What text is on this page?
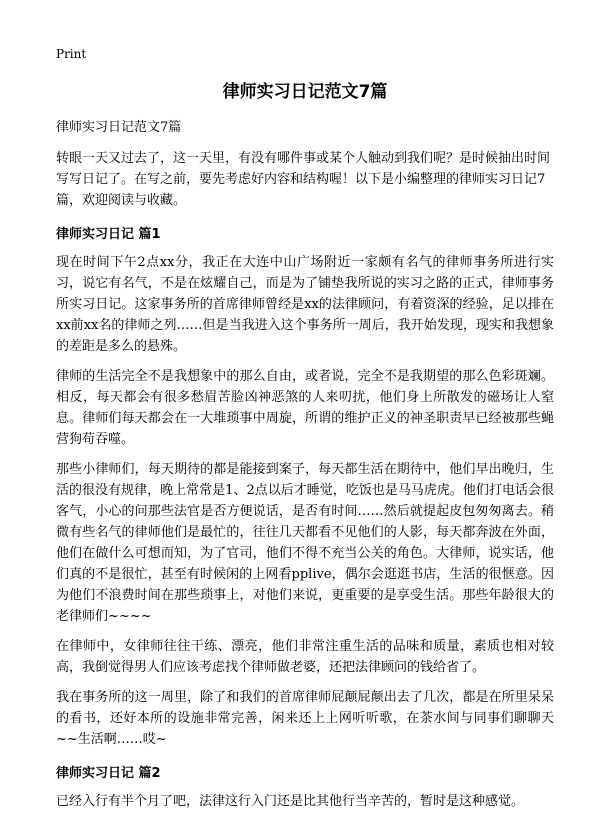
Print

律师实习日记范文7篇

律师实习日记范文7篇

转眼一天又过去了，这一天里，有没有哪件事或某个人触动到我们呢？是时候抽出时间写写日记了。在写之前，要先考虑好内容和结构喔！以下是小编整理的律师实习日记7篇，欢迎阅读与收藏。

律师实习日记 篇1

现在时间下午2点xx分，我正在大连中山广场附近一家颇有名气的律师事务所进行实习，说它有名气，不是在炫耀自己，而是为了铺垫我所说的实习之路的正式，律师事务所实习日记。这家事务所的首席律师曾经是xx的法律顾问，有着资深的经验，足以排在xx前xx名的律师之列……但是当我进入这个事务所一周后，我开始发现，现实和我想象的差距是多么的悬殊。

律师的生活完全不是我想象中的那么自由，或者说，完全不是我期望的那么色彩斑斓。相反，每天都会有很多愁眉苦脸凶神恶煞的人来叨扰，他们身上所散发的磁场让人窒息。律师们每天都会在一大堆琐事中周旋，所谓的维护正义的神圣职责早已经被那些蝇营狗苟吞噬。

那些小律师们，每天期待的都是能接到案子，每天都生活在期待中，他们早出晚归，生活的很没有规律，晚上常常是1、2点以后才睡觉，吃饭也是马马虎虎。他们打电话会很客气，小心的问那些法官是否方便说话，是否有时间……然后就提起皮包匆匆离去。稍微有些名气的律师他们是最忙的，往往几天都看不见他们的人影，每天都奔波在外面，他们在做什么可想而知，为了官司，他们不得不充当公关的角色。大律师，说实话，他们真的不是很忙，甚至有时候闲的上网看pplive，偶尔会逛逛书店，生活的很惬意。因为他们不浪费时间在那些琐事上，对他们来说，更重要的是享受生活。那些年龄很大的老律师们~~~~

在律师中，女律师往往干练、漂亮，他们非常注重生活的品味和质量，素质也相对较高，我倒觉得男人们应该考虑找个律师做老婆，还把法律顾问的钱给省了。

我在事务所的这一周里，除了和我们的首席律师屁颠屁颠出去了几次，都是在所里呆呆的看书，还好本所的设施非常完善，闲来还上上网听听歌，在茶水间与同事们聊聊天~~生活啊……哎~

律师实习日记 篇2

已经入行有半个月了吧，法律这行入门还是比其他行当辛苦的，暂时是这种感觉。
